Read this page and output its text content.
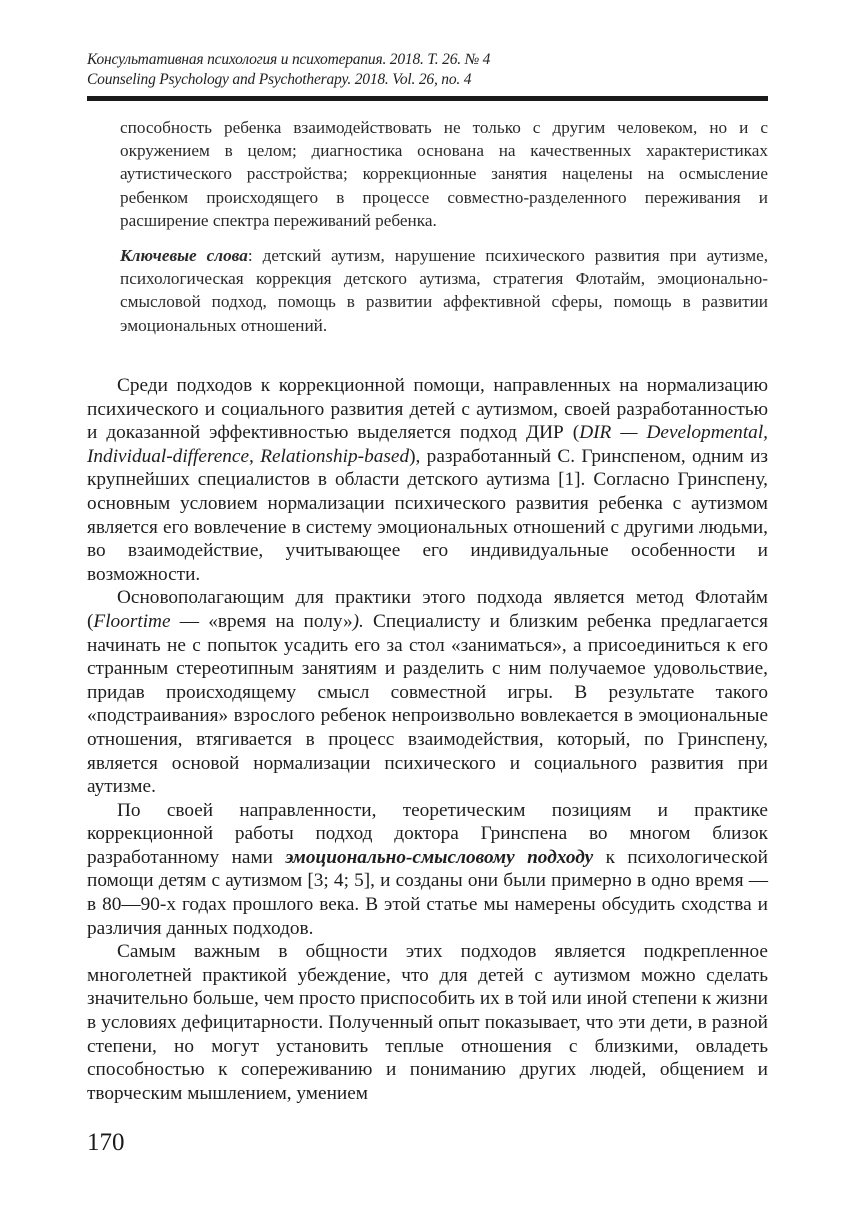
Консультативная психология и психотерапия. 2018. Т. 26. № 4
Counseling Psychology and Psychotherapy. 2018. Vol. 26, no. 4

способность ребенка взаимодействовать не только с другим человеком, но и с окружением в целом; диагностика основана на качественных характеристиках аутистического расстройства; коррекционные занятия нацелены на осмысление ребенком происходящего в процессе совместно-разделенного переживания и расширение спектра переживаний ребенка.

Ключевые слова: детский аутизм, нарушение психического развития при аутизме, психологическая коррекция детского аутизма, стратегия Флотайм, эмоционально-смысловой подход, помощь в развитии аффективной сферы, помощь в развитии эмоциональных отношений.

Среди подходов к коррекционной помощи, направленных на нормализацию психического и социального развития детей с аутизмом, своей разработанностью и доказанной эффективностью выделяется подход ДИР (DIR — Developmental, Individual-difference, Relationship-based), разработанный С. Гринспеном, одним из крупнейших специалистов в области детского аутизма [1]. Согласно Гринспену, основным условием нормализации психического развития ребенка с аутизмом является его вовлечение в систему эмоциональных отношений с другими людьми, во взаимодействие, учитывающее его индивидуальные особенности и возможности.

Основополагающим для практики этого подхода является метод Флотайм (Floortime — «время на полу»). Специалисту и близким ребенка предлагается начинать не с попыток усадить его за стол «заниматься», а присоединиться к его странным стереотипным занятиям и разделить с ним получаемое удовольствие, придав происходящему смысл совместной игры. В результате такого «подстраивания» взрослого ребенок непроизвольно вовлекается в эмоциональные отношения, втягивается в процесс взаимодействия, который, по Гринспену, является основой нормализации психического и социального развития при аутизме.

По своей направленности, теоретическим позициям и практике коррекционной работы подход доктора Гринспена во многом близок разработанному нами эмоционально-смысловому подходу к психологической помощи детям с аутизмом [3; 4; 5], и созданы они были примерно в одно время — в 80—90-х годах прошлого века. В этой статье мы намерены обсудить сходства и различия данных подходов.

Самым важным в общности этих подходов является подкрепленное многолетней практикой убеждение, что для детей с аутизмом можно сделать значительно больше, чем просто приспособить их в той или иной степени к жизни в условиях дефицитарности. Полученный опыт показывает, что эти дети, в разной степени, но могут установить теплые отношения с близкими, овладеть способностью к сопереживанию и пониманию других людей, общением и творческим мышлением, умением

170
